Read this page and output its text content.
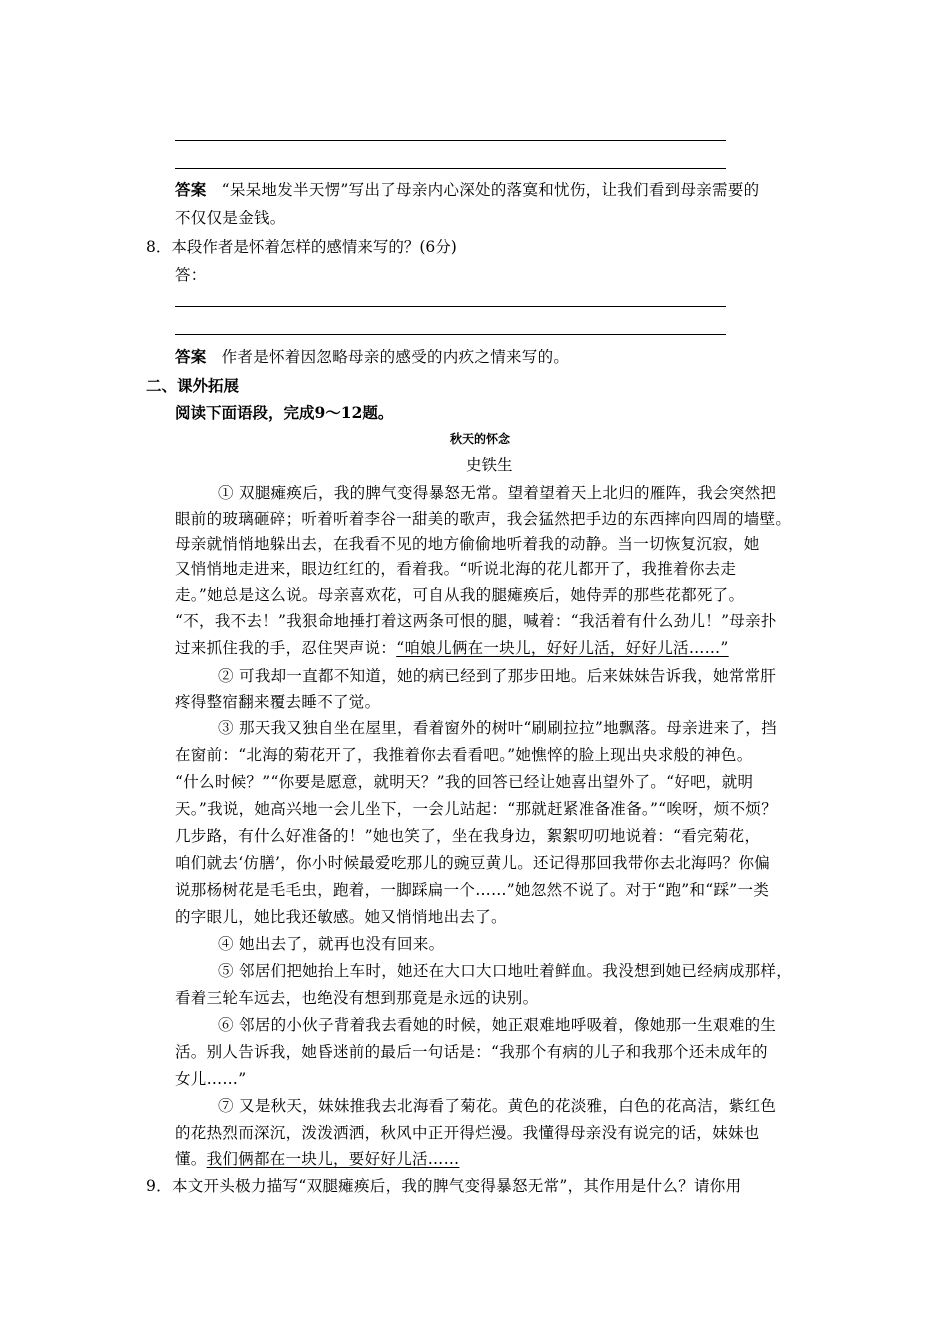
答案 “呆呆地发半天愣”写出了母亲内心深处的落寞和忧伤，让我们看到母亲需要的
不仅仅是金钱。
8．本段作者是怀着怎样的感情来写的？(6分)
答：
答案 作者是怀着因忽略母亲的感受的内疚之情来写的。
二、课外拓展
阅读下面语段，完成9～12题。
秋天的怀念
史铁生
① 双腿瘫痪后，我的脾气变得暴怒无常。望着望着天上北归的雁阵，我会突然把
眼前的玻璃砸碎；听着听着李谷一甜美的歌声，我会猛然把手边的东西摔向四周的墙壁。
母亲就悄悄地躲出去，在我看不见的地方偷偷地听着我的动静。当一切恢复沉寂，她
又悄悄地走进来，眼边红红的，看着我。“听说北海的花儿都开了，我推着你去走
走。”她总是这么说。母亲喜欢花，可自从我的腿瘫痪后，她侍弄的那些花都死了。
“不，我不去！”我狠命地捶打着这两条可恨的腿，喊着：“我活着有什么劲儿！”母亲扑
过来抓住我的手，忍住哭声说：“咱娘儿俩在一块儿，好好儿活，好好儿活……”
② 可我却一直都不知道，她的病已经到了那步田地。后来妹妹告诉我，她常常肝
疼得整宿翻来覆去睡不了觉。
③ 那天我又独自坐在屋里，看着窗外的树叶“刷刷拉拉”地飘落。母亲进来了，挡
在窗前：“北海的菊花开了，我推着你去看看吧。”她憔悴的脸上现出央求般的神色。
“什么时候？”“你要是愿意，就明天？”我的回答已经让她喜出望外了。“好吧，就明
天。”我说，她高兴地一会儿坐下，一会儿站起：“那就赶紧准备准备。”“唉呀，烦不烦？
几步路，有什么好准备的！”她也笑了，坐在我身边，絮絮叨叨地说着：“看完菊花，
咱们就去‘仿膳’，你小时候最爱吃那儿的豌豆黄儿。还记得那回我带你去北海吗？你偏
说那杨树花是毛毛虫，跑着，一脚踩扁一个……”她忽然不说了。对于“跑”和“踩”一类
的字眼儿，她比我还敏感。她又悄悄地出去了。
④ 她出去了，就再也没有回来。
⑤ 邻居们把她抬上车时，她还在大口大口地吐着鲜血。我没想到她已经病成那样，
看着三轮车远去，也绝没有想到那竟是永远的诀别。
⑥ 邻居的小伙子背着我去看她的时候，她正艰难地呼吸着，像她那一生艰难的生
活。别人告诉我，她昏迷前的最后一句话是：“我那个有病的儿子和我那个还未成年的
女儿……”
⑦ 又是秋天，妹妹推我去北海看了菊花。黄色的花淡雅，白色的花高洁，紫红色
的花热烈而深沉，泼泼洒洒，秋风中正开得烂漫。我懂得母亲没有说完的话，妹妹也
懂。我们俩都在一块儿，要好好儿活……
9．本文开头极力描写“双腿瘫痪后，我的脾气变得暴怒无常”，其作用是什么？请你用
